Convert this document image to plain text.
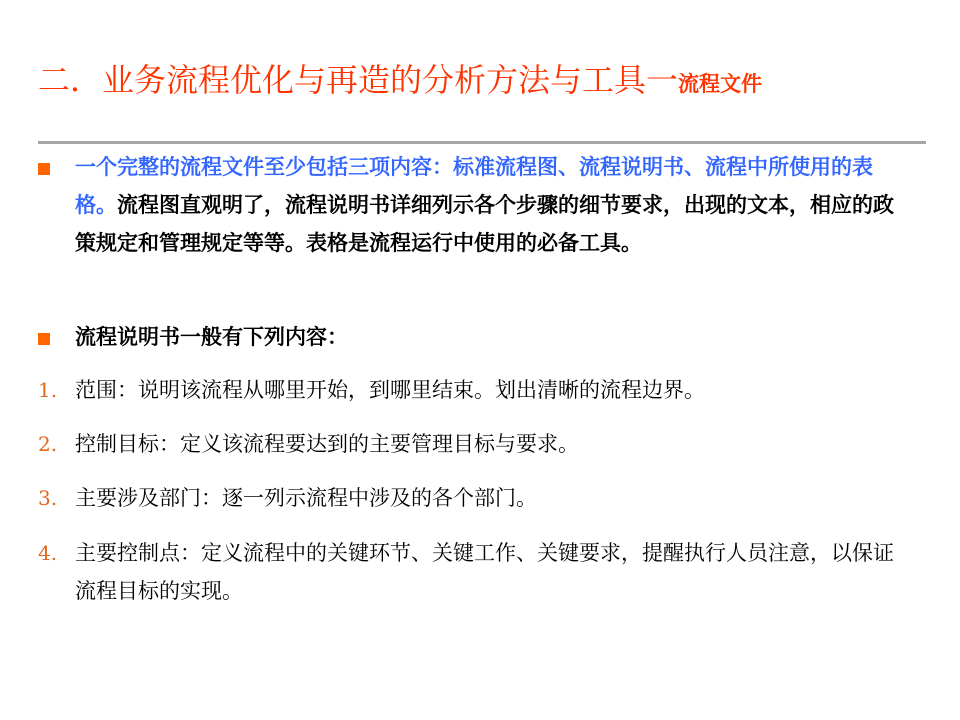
二．业务流程优化与再造的分析方法与工具一流程文件
一个完整的流程文件至少包括三项内容：标准流程图、流程说明书、流程中所使用的表格。流程图直观明了，流程说明书详细列示各个步骤的细节要求，出现的文本，相应的政策规定和管理规定等等。表格是流程运行中使用的必备工具。
流程说明书一般有下列内容：
1. 范围：说明该流程从哪里开始，到哪里结束。划出清晰的流程边界。
2. 控制目标：定义该流程要达到的主要管理目标与要求。
3. 主要涉及部门：逐一列示流程中涉及的各个部门。
4. 主要控制点：定义流程中的关键环节、关键工作、关键要求，提醒执行人员注意，以保证流程目标的实现。
